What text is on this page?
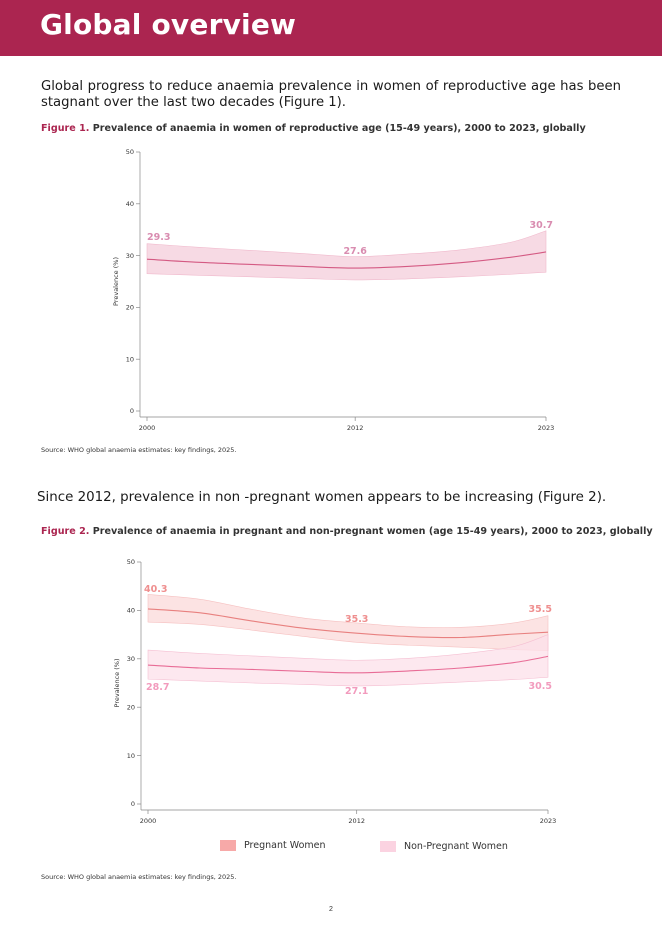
Global overview

Global progress to reduce anaemia prevalence in women of reproductive age has been stagnant over the last two decades (Figure 1).

Figure 1. Prevalence of anaemia in women of reproductive age (15-49 years), 2000 to 2023, globally
0
10
20
30
40
50
2000	2012	2023
Prevalence (%)
29.3
27.6
30.7
Source: WHO global anaemia estimates: key findings, 2025.

Since 2012, prevalence in non -pregnant women appears to be increasing (Figure 2).

Figure 2. Prevalence of anaemia in pregnant and non-pregnant women (age 15-49 years), 2000 to 2023, globally
0
10
20
30
40
50
2000	2012	2023
Prevalence (%)
40.3
35.3
35.5
28.7	27.1	30.5
Pregnant Women	Non-Pregnant Women
Source: WHO global anaemia estimates: key findings, 2025.
2
